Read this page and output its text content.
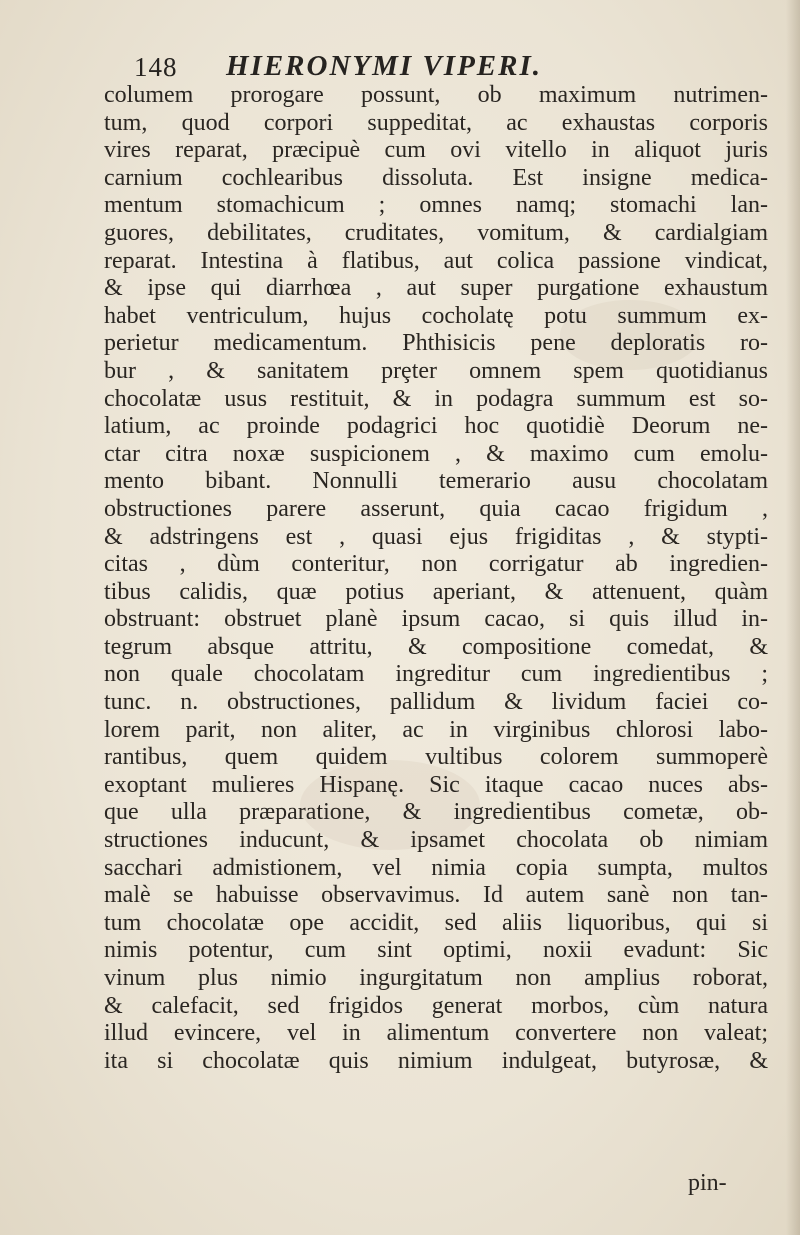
148 HIERONYMI VIPERI.
columem prorogare possunt, ob maximum nutrimen-
tum, quod corpori suppeditat, ac exhaustas corporis
vires reparat, præcipuè cum ovi vitello in aliquot juris
carnium cochlearibus dissoluta. Est insigne medica-
mentum stomachicum ; omnes namq; stomachi lan-
guores, debilitates, cruditates, vomitum, & cardialgiam
reparat. Intestina à flatibus, aut colica passione vindicat,
& ipse qui diarrhœa , aut super purgatione exhaustum
habet ventriculum, hujus cocholatę potu summum ex-
perietur medicamentum. Phthisicis pene deploratis ro-
bur , & sanitatem prȩter omnem spem quotidianus
chocolatæ usus restituit, & in podagra summum est so-
latium, ac proinde podagrici hoc quotidiè Deorum ne-
ctar citra noxæ suspicionem , & maximo cum emolu-
mento bibant. Nonnulli temerario ausu chocolatam
obstructiones parere asserunt, quia cacao frigidum ,
& adstringens est , quasi ejus frigiditas , & stypti-
citas , dùm conteritur, non corrigatur ab ingredien-
tibus calidis, quæ potius aperiant, & attenuent, quàm
obstruant: obstruet planè ipsum cacao, si quis illud in-
tegrum absque attritu, & compositione comedat, &
non quale chocolatam ingreditur cum ingredientibus ;
tunc. n. obstructiones, pallidum & lividum faciei co-
lorem parit, non aliter, ac in virginibus chlorosi labo-
rantibus, quem quidem vultibus colorem summoperè
exoptant mulieres Hispanę. Sic itaque cacao nuces abs-
que ulla præparatione, & ingredientibus cometæ, ob-
structiones inducunt, & ipsamet chocolata ob nimiam
sacchari admistionem, vel nimia copia sumpta, multos
malè se habuisse observavimus. Id autem sanè non tan-
tum chocolatæ ope accidit, sed aliis liquoribus, qui si
nimis potentur, cum sint optimi, noxii evadunt: Sic
vinum plus nimio ingurgitatum non amplius roborat,
& calefacit, sed frigidos generat morbos, cùm natura
illud evincere, vel in alimentum convertere non valeat;
ita si chocolatæ quis nimium indulgeat, butyrosæ, &
pin-
